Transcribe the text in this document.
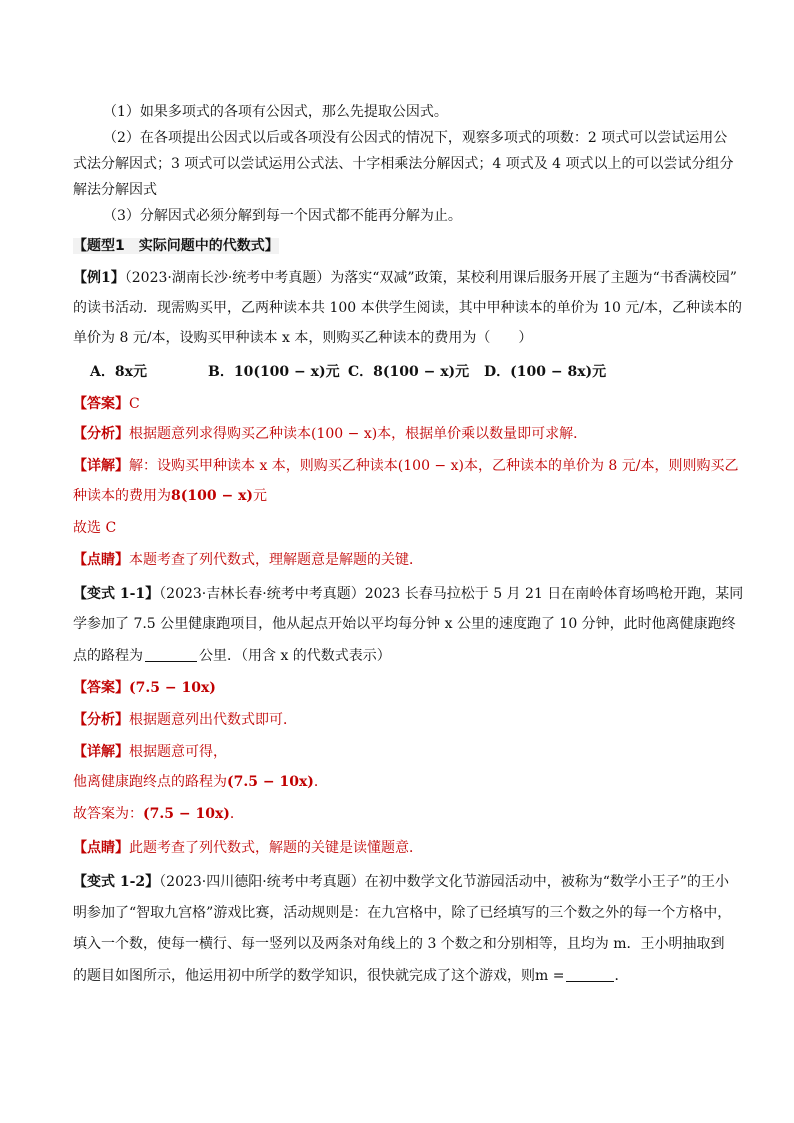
（1）如果多项式的各项有公因式，那么先提取公因式。
（2）在各项提出公因式以后或各项没有公因式的情况下，观察多项式的项数：2 项式可以尝试运用公
式法分解因式；3 项式可以尝试运用公式法、十字相乘法分解因式；4 项式及 4 项式以上的可以尝试分组分
解法分解因式
（3）分解因式必须分解到每一个因式都不能再分解为止。
【题型1　实际问题中的代数式】
【例1】（2023·湖南长沙·统考中考真题）为落实“双减”政策，某校利用课后服务开展了主题为“书香满校园”
的读书活动．现需购买甲，乙两种读本共 100 本供学生阅读，其中甲种读本的单价为 10 元/本，乙种读本的
单价为 8 元/本，设购买甲种读本 x 本，则购买乙种读本的费用为（　　）
A．8x元	B．10(100 − x)元 C．8(100 − x)元 D．(100 − 8x)元
【答案】C
【分析】根据题意列求得购买乙种读本(100 − x)本，根据单价乘以数量即可求解．
【详解】解：设购买甲种读本 x 本，则购买乙种读本(100 − x)本，乙种读本的单价为 8 元/本，则则购买乙
种读本的费用为8(100 − x)元
故选 C
【点睛】本题考查了列代数式，理解题意是解题的关键．
【变式 1-1】（2023·吉林长春·统考中考真题）2023 长春马拉松于 5 月 21 日在南岭体育场鸣枪开跑，某同
学参加了 7.5 公里健康跑项目，他从起点开始以平均每分钟 x 公里的速度跑了 10 分钟，此时他离健康跑终
点的路程为	公里．（用含 x 的代数式表示）
【答案】(7.5 − 10x)
【分析】根据题意列出代数式即可．
【详解】根据题意可得，
他离健康跑终点的路程为(7.5 − 10x)．
故答案为：(7.5 − 10x)．
【点睛】此题考查了列代数式，解题的关键是读懂题意．
【变式 1-2】（2023·四川德阳·统考中考真题）在初中数学文化节游园活动中，被称为“数学小王子”的王小
明参加了“智取九宫格”游戏比赛，活动规则是：在九宫格中，除了已经填写的三个数之外的每一个方格中，
填入一个数，使每一横行、每一竖列以及两条对角线上的 3 个数之和分别相等，且均为 m．王小明抽取到
的题目如图所示，他运用初中所学的数学知识，很快就完成了这个游戏，则m =	．
